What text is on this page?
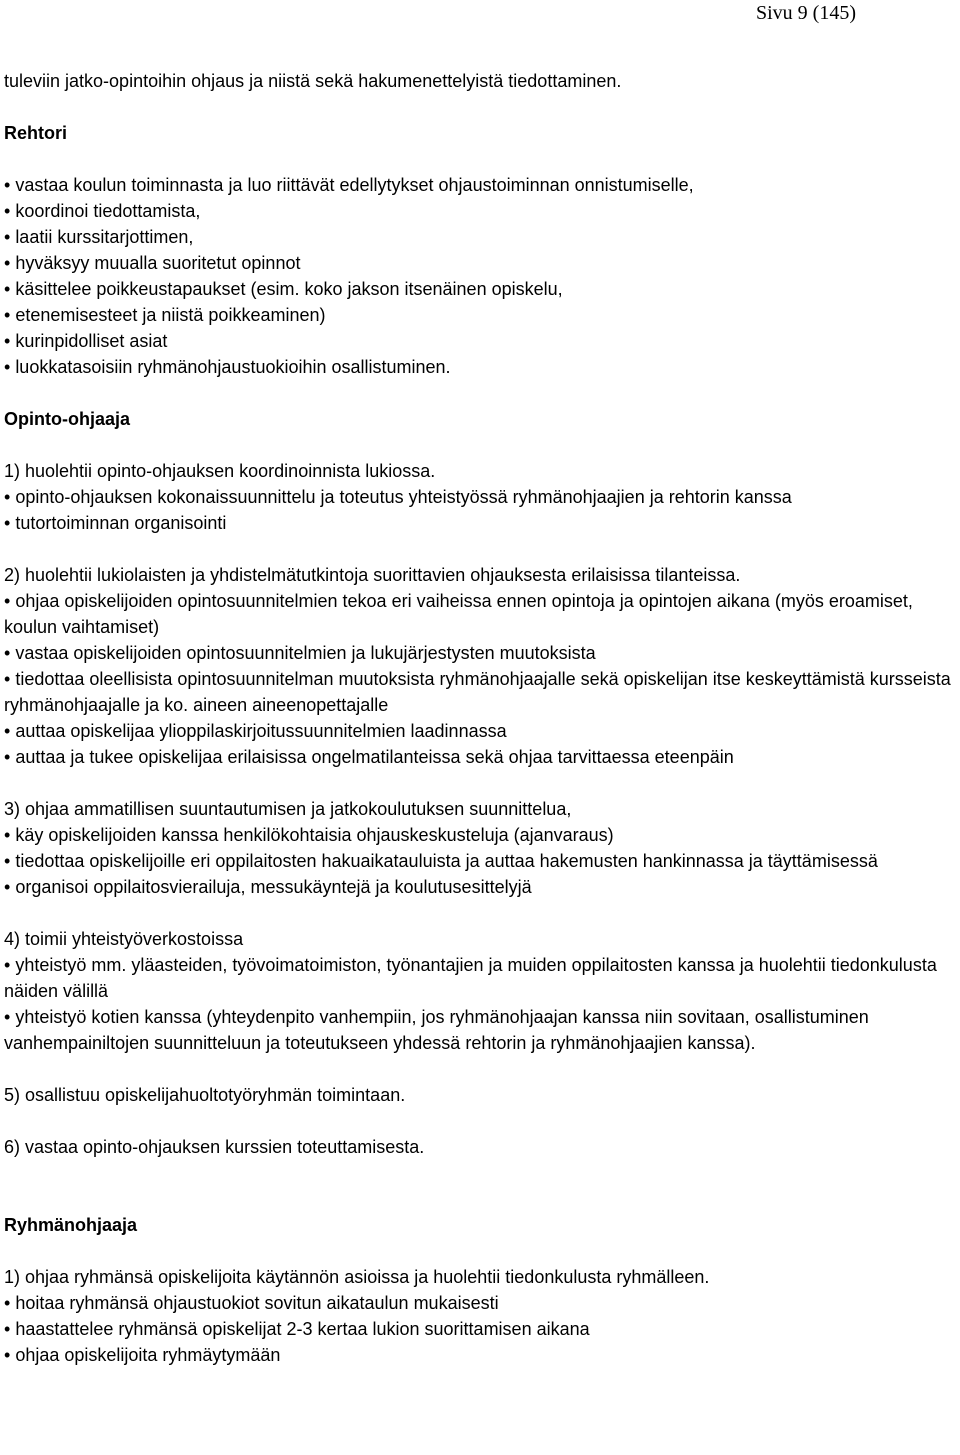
Sivu 9 (145)

tuleviin jatko-opintoihin ohjaus ja niistä sekä hakumenettelyistä tiedottaminen.

Rehtori

• vastaa koulun toiminnasta ja luo riittävät edellytykset ohjaustoiminnan onnistumiselle,

• koordinoi tiedottamista,

• laatii kurssitarjottimen,

• hyväksyy muualla suoritetut opinnot

• käsittelee poikkeustapaukset (esim. koko jakson itsenäinen opiskelu,

• etenemisesteet ja niistä poikkeaminen)

• kurinpidolliset asiat

• luokkatasoisiin ryhmänohjaustuokioihin osallistuminen.

Opinto-ohjaaja

1) huolehtii opinto-ohjauksen koordinoinnista lukiossa.

• opinto-ohjauksen kokonaissuunnittelu ja toteutus yhteistyössä ryhmänohjaajien ja rehtorin kanssa

• tutortoiminnan organisointi

2) huolehtii lukiolaisten ja yhdistelmätutkintoja suorittavien ohjauksesta erilaisissa tilanteissa.

• ohjaa opiskelijoiden opintosuunnitelmien tekoa eri vaiheissa ennen opintoja ja opintojen aikana (myös eroamiset, koulun vaihtamiset)

• vastaa opiskelijoiden opintosuunnitelmien ja lukujärjestysten muutoksista

• tiedottaa oleellisista opintosuunnitelman muutoksista ryhmänohjaajalle sekä opiskelijan itse keskeyttämistä kursseista ryhmänohjaajalle ja ko. aineen aineenopettajalle

• auttaa opiskelijaa ylioppilaskirjoitussuunnitelmien laadinnassa

• auttaa ja tukee opiskelijaa erilaisissa ongelmatilanteissa sekä ohjaa tarvittaessa eteenpäin

3) ohjaa ammatillisen suuntautumisen ja jatkokoulutuksen suunnittelua,

• käy opiskelijoiden kanssa henkilökohtaisia ohjauskeskusteluja (ajanvaraus)

• tiedottaa opiskelijoille eri oppilaitosten hakuaikatauluista ja auttaa hakemusten hankinnassa ja täyttämisessä

• organisoi oppilaitosvierailuja, messukäyntejä ja koulutusesittelyjä

4) toimii yhteistyöverkostoissa

• yhteistyö mm. yläasteiden, työvoimatoimiston, työnantajien ja muiden oppilaitosten kanssa ja huolehtii tiedonkulusta näiden välillä

• yhteistyö kotien kanssa (yhteydenpito vanhempiin, jos ryhmänohjaajan kanssa niin sovitaan, osallistuminen vanhempainiltojen suunnitteluun ja toteutukseen yhdessä rehtorin ja ryhmänohjaajien kanssa).

5) osallistuu opiskelijahuoltotyöryhmän toimintaan.

6) vastaa opinto-ohjauksen kurssien toteuttamisesta.

Ryhmänohjaaja

1) ohjaa ryhmänsä opiskelijoita käytännön asioissa ja huolehtii tiedonkulusta ryhmälleen.

• hoitaa ryhmänsä ohjaustuokiot sovitun aikataulun mukaisesti

• haastattelee ryhmänsä opiskelijat 2-3 kertaa lukion suorittamisen aikana

• ohjaa opiskelijoita ryhmäytymään
